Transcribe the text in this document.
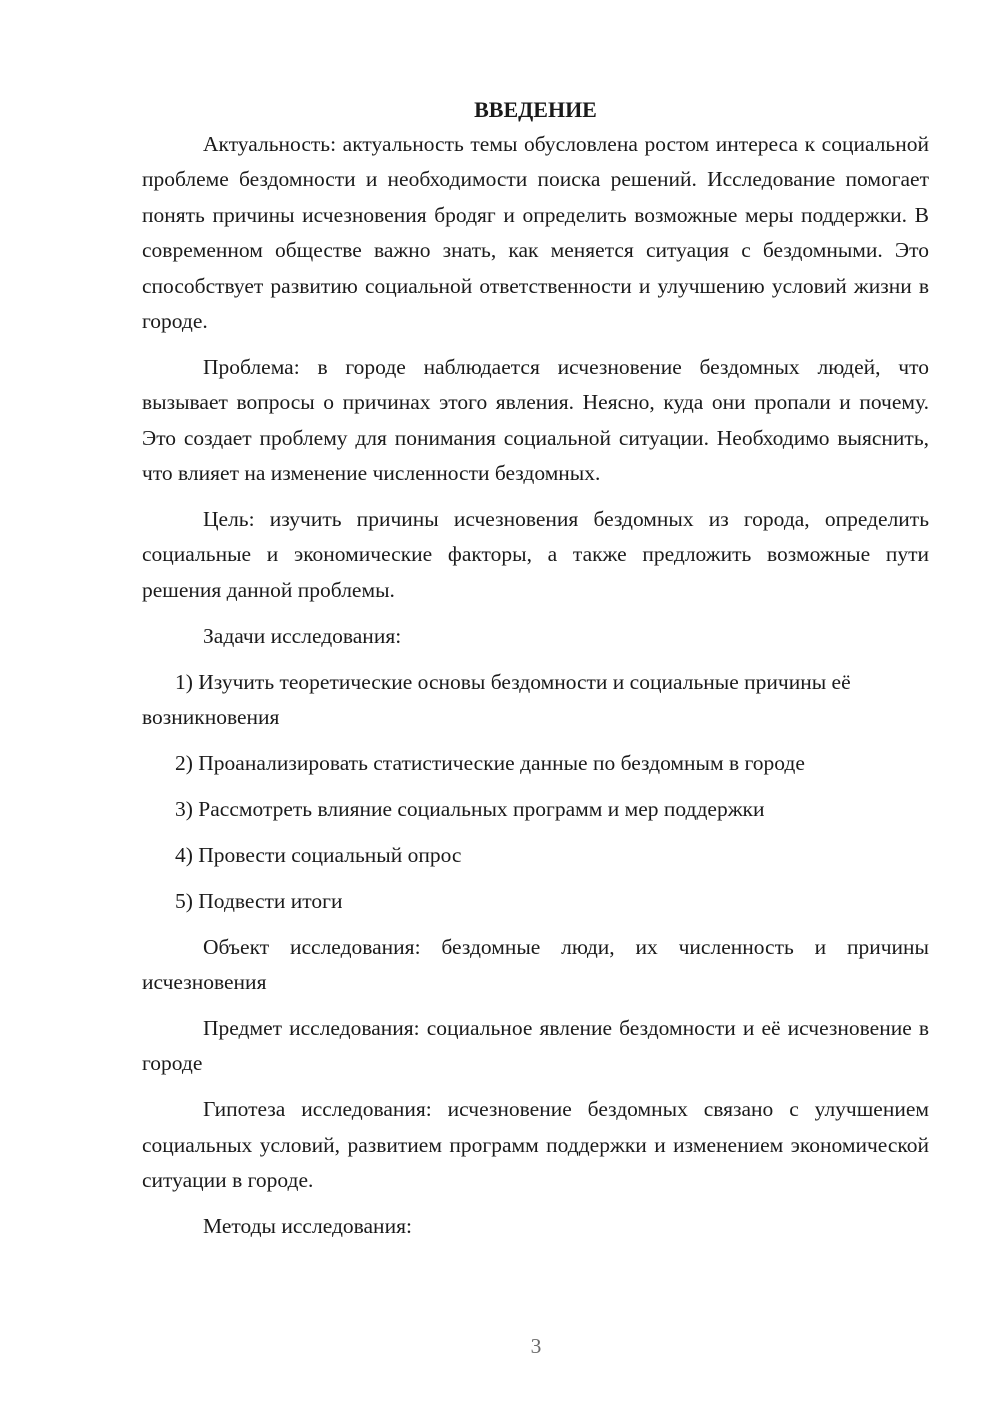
ВВЕДЕНИЕ

Актуальность: актуальность темы обусловлена ростом интереса к социальной проблеме бездомности и необходимости поиска решений. Исследование помогает понять причины исчезновения бродяг и определить возможные меры поддержки. В современном обществе важно знать, как меняется ситуация с бездомными. Это способствует развитию социальной ответственности и улучшению условий жизни в городе.

Проблема: в городе наблюдается исчезновение бездомных людей, что вызывает вопросы о причинах этого явления. Неясно, куда они пропали и почему. Это создает проблему для понимания социальной ситуации. Необходимо выяснить, что влияет на изменение численности бездомных.

Цель: изучить причины исчезновения бездомных из города, определить социальные и экономические факторы, а также предложить возможные пути решения данной проблемы.

Задачи исследования:

1) Изучить теоретические основы бездомности и социальные причины её возникновения

2) Проанализировать статистические данные по бездомным в городе

3) Рассмотреть влияние социальных программ и мер поддержки

4) Провести социальный опрос

5) Подвести итоги

Объект исследования: бездомные люди, их численность и причины исчезновения

Предмет исследования: социальное явление бездомности и её исчезновение в городе

Гипотеза исследования: исчезновение бездомных связано с улучшением социальных условий, развитием программ поддержки и изменением экономической ситуации в городе.

Методы исследования:

3
